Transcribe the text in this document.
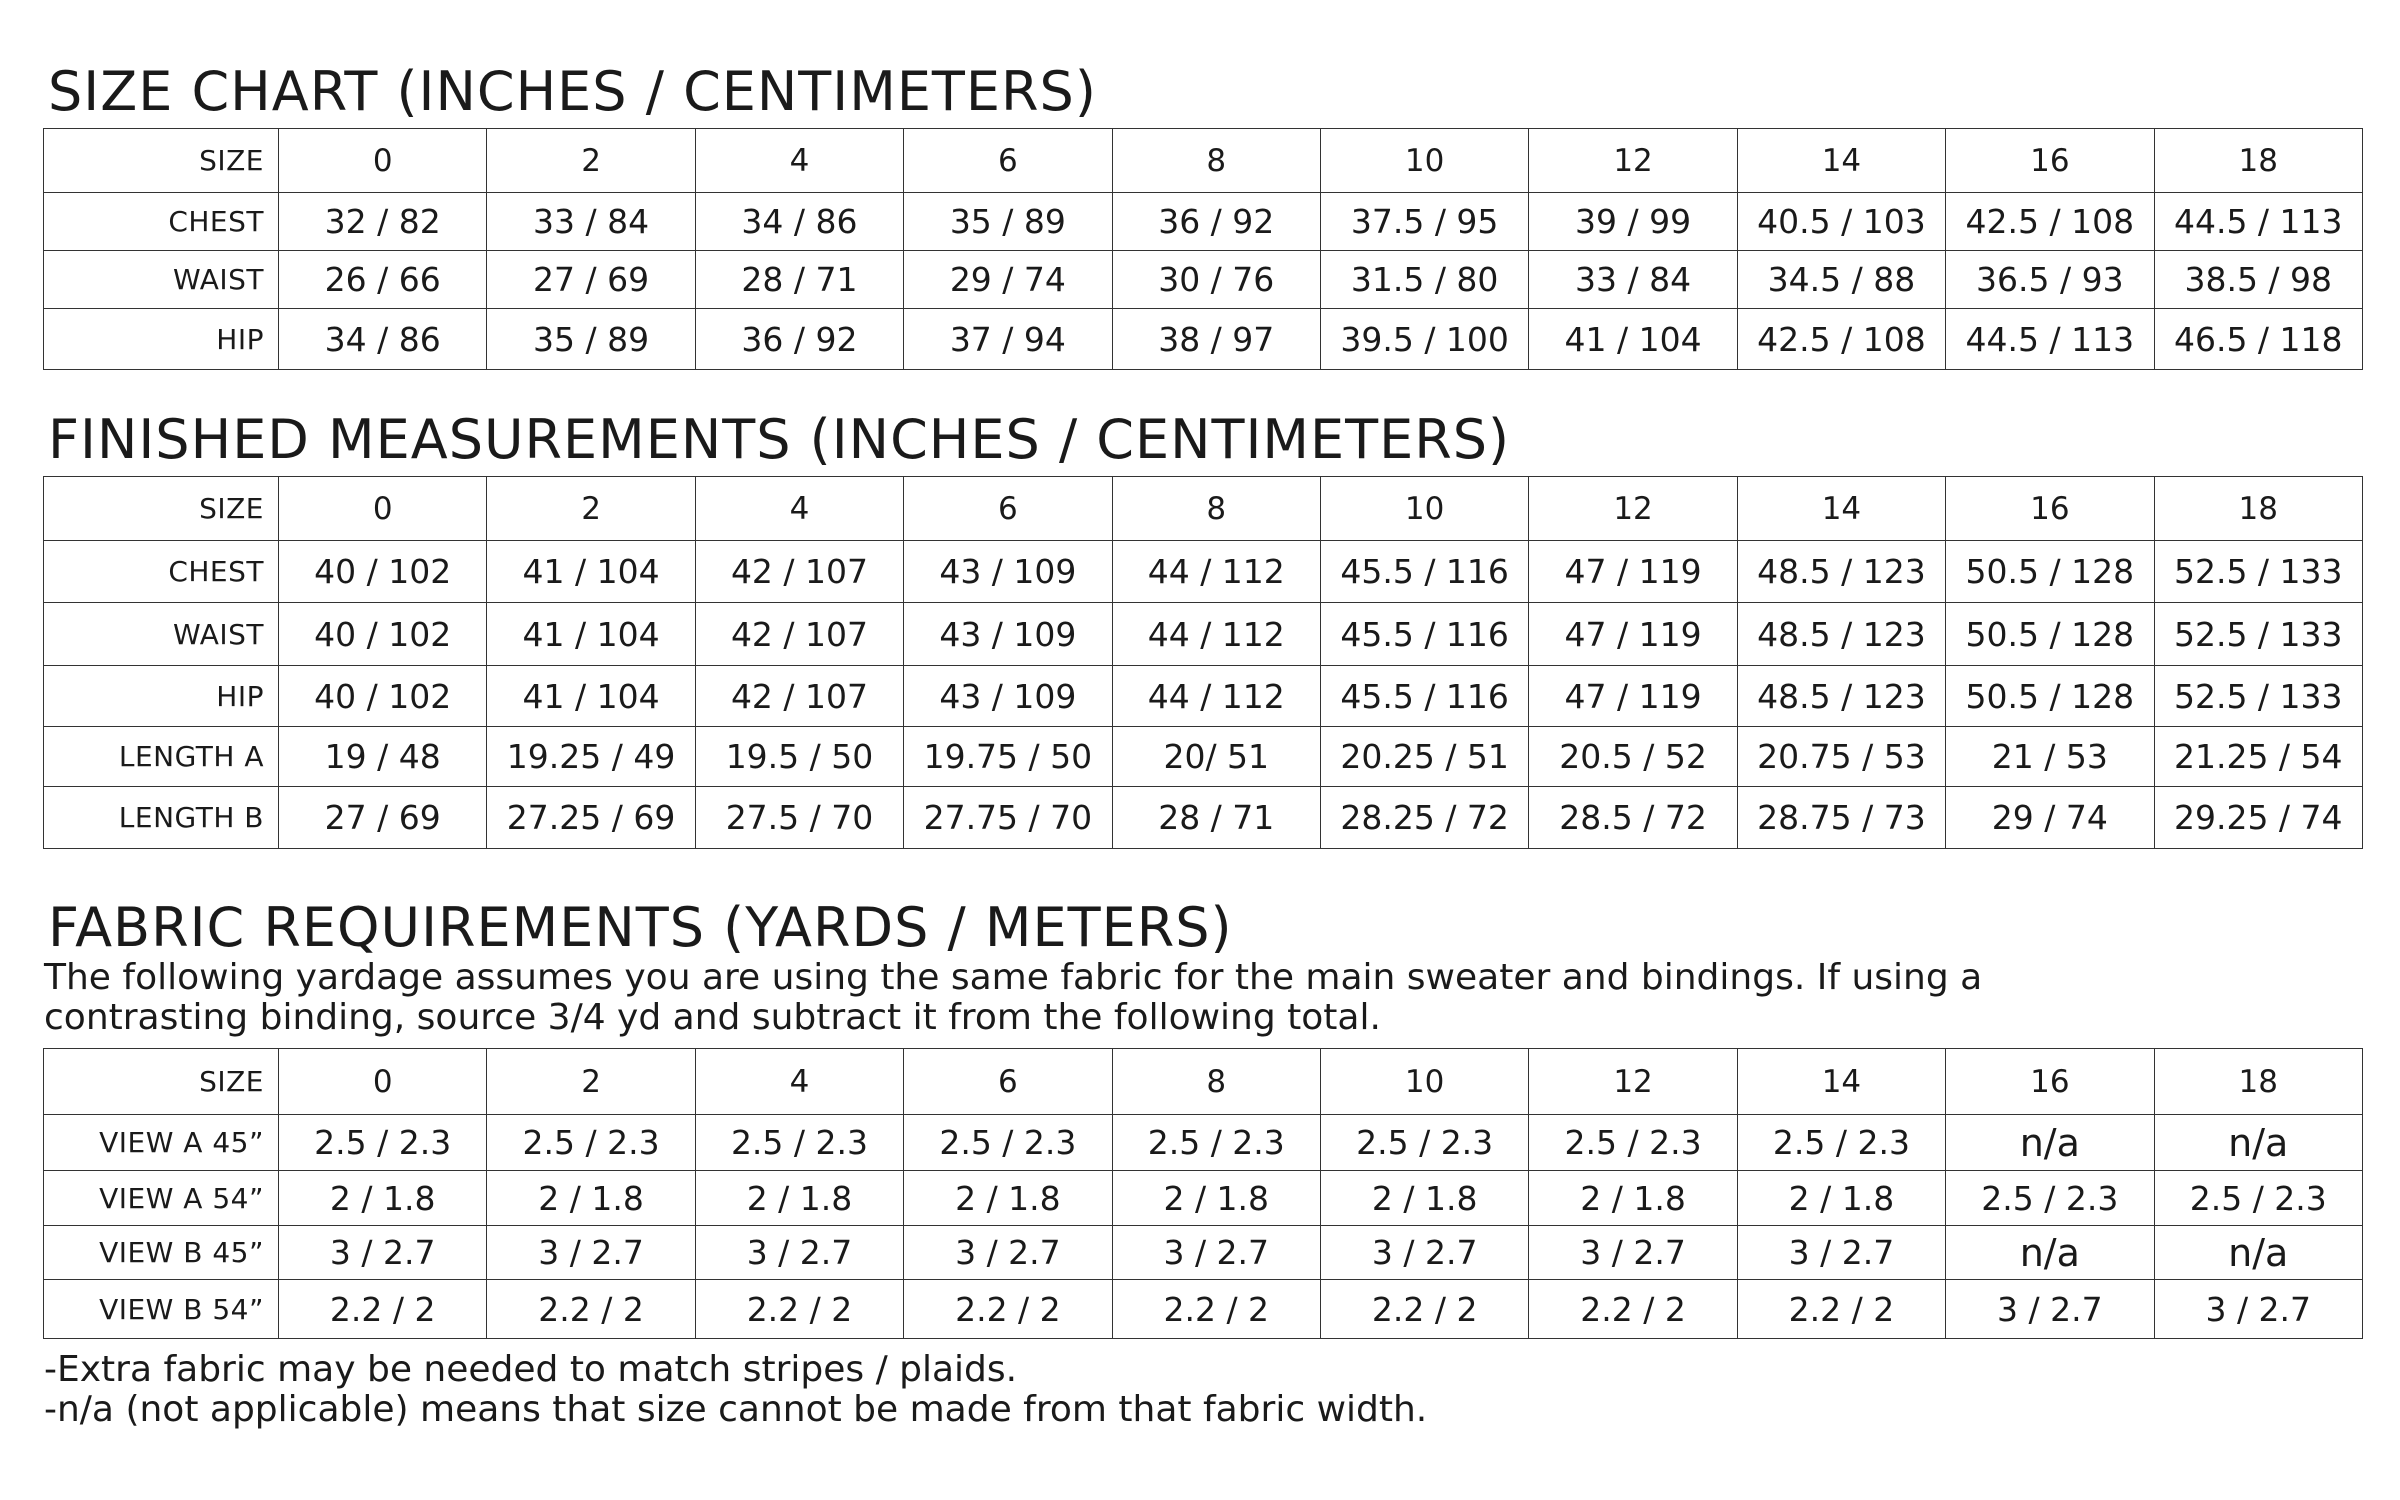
SIZE CHART (INCHES / CENTIMETERS)
SIZE	0	2	4	6	8	10	12	14	16	18
CHEST	32 / 82	33 / 84	34 / 86	35 / 89	36 / 92	37.5 / 95	39 / 99	40.5 / 103	42.5 / 108	44.5 / 113
WAIST	26 / 66	27 / 69	28 / 71	29 / 74	30 / 76	31.5 / 80	33 / 84	34.5 / 88	36.5 / 93	38.5 / 98
HIP	34 / 86	35 / 89	36 / 92	37 / 94	38 / 97	39.5 / 100	41 / 104	42.5 / 108	44.5 / 113	46.5 / 118
FINISHED MEASUREMENTS (INCHES / CENTIMETERS)
SIZE	0	2	4	6	8	10	12	14	16	18
CHEST	40 / 102	41 / 104	42 / 107	43 / 109	44 / 112	45.5 / 116	47 / 119	48.5 / 123	50.5 / 128	52.5 / 133
WAIST	40 / 102	41 / 104	42 / 107	43 / 109	44 / 112	45.5 / 116	47 / 119	48.5 / 123	50.5 / 128	52.5 / 133
HIP	40 / 102	41 / 104	42 / 107	43 / 109	44 / 112	45.5 / 116	47 / 119	48.5 / 123	50.5 / 128	52.5 / 133
LENGTH A	19 / 48	19.25 / 49	19.5 / 50	19.75 / 50	20/ 51	20.25 / 51	20.5 / 52	20.75 / 53	21 / 53	21.25 / 54
LENGTH B	27 / 69	27.25 / 69	27.5 / 70	27.75 / 70	28 / 71	28.25 / 72	28.5 / 72	28.75 / 73	29 / 74	29.25 / 74
FABRIC REQUIREMENTS (YARDS / METERS)
The following yardage assumes you are using the same fabric for the main sweater and bindings. If using a
contrasting binding, source 3/4 yd and subtract it from the following total.
SIZE	0	2	4	6	8	10	12	14	16	18
VIEW A 45”	2.5 / 2.3	2.5 / 2.3	2.5 / 2.3	2.5 / 2.3	2.5 / 2.3	2.5 / 2.3	2.5 / 2.3	2.5 / 2.3	n/a	n/a
VIEW A 54”	2 / 1.8	2 / 1.8	2 / 1.8	2 / 1.8	2 / 1.8	2 / 1.8	2 / 1.8	2 / 1.8	2.5 / 2.3	2.5 / 2.3
VIEW B 45”	3 / 2.7	3 / 2.7	3 / 2.7	3 / 2.7	3 / 2.7	3 / 2.7	3 / 2.7	3 / 2.7	n/a	n/a
VIEW B 54”	2.2 / 2	2.2 / 2	2.2 / 2	2.2 / 2	2.2 / 2	2.2 / 2	2.2 / 2	2.2 / 2	3 / 2.7	3 / 2.7
-Extra fabric may be needed to match stripes / plaids.
-n/a (not applicable) means that size cannot be made from that fabric width.
